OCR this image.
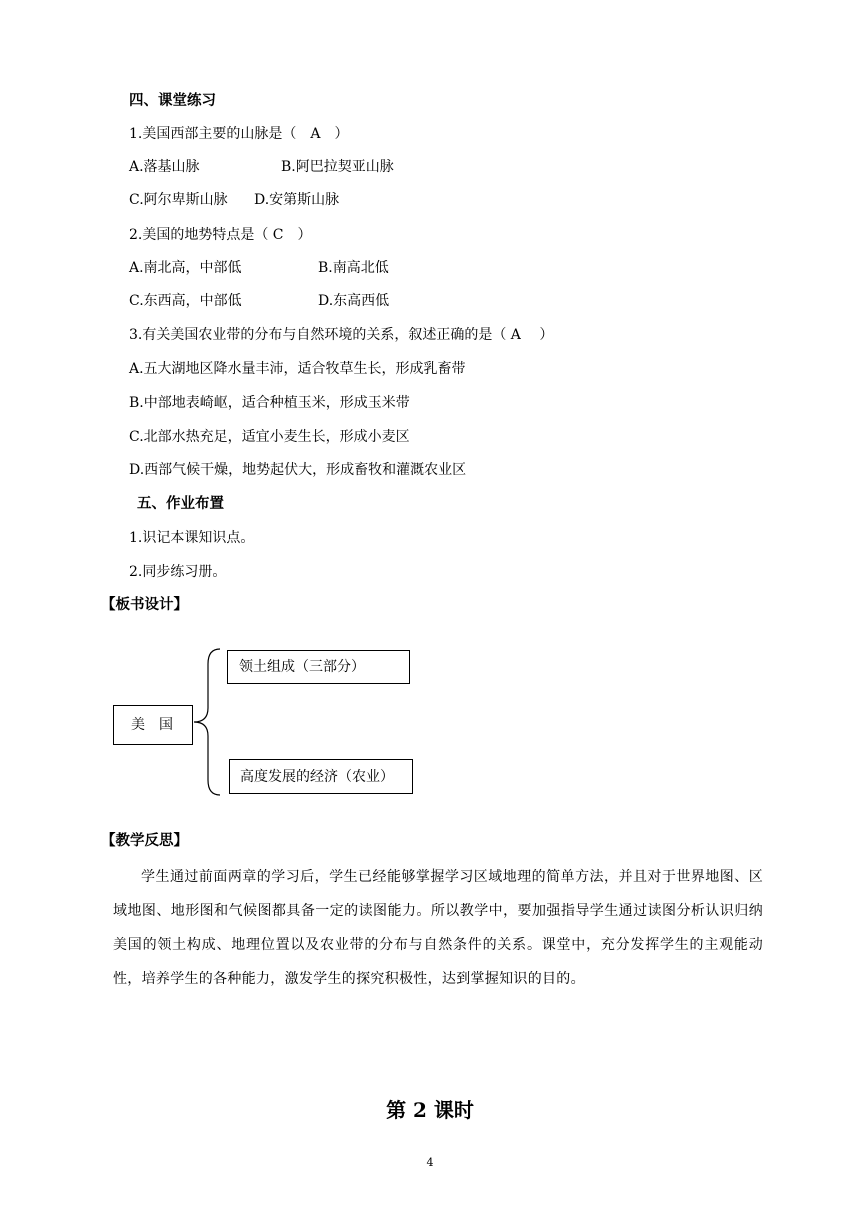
四、课堂练习
1.美国西部主要的山脉是（　A　）
A.落基山脉	B.阿巴拉契亚山脉
C.阿尔卑斯山脉 D.安第斯山脉
2.美国的地势特点是（ C　）
A.南北高，中部低	B.南高北低
C.东西高，中部低	D.东高西低
3.有关美国农业带的分布与自然环境的关系，叙述正确的是（ A　 ）
A.五大湖地区降水量丰沛，适合牧草生长，形成乳畜带
B.中部地表崎岖，适合种植玉米，形成玉米带
C.北部水热充足，适宜小麦生长，形成小麦区
D.西部气候干燥，地势起伏大，形成畜牧和灌溉农业区
五、作业布置
1.识记本课知识点。
2.同步练习册。
【板书设计】
美　国
领土组成（三部分）
高度发展的经济（农业）
【教学反思】
学生通过前面两章的学习后，学生已经能够掌握学习区域地理的简单方法，并且对于世界地图、区域地图、地形图和气候图都具备一定的读图能力。所以教学中，要加强指导学生通过读图分析认识归纳美国的领土构成、地理位置以及农业带的分布与自然条件的关系。课堂中，充分发挥学生的主观能动性，培养学生的各种能力，激发学生的探究积极性，达到掌握知识的目的。
第 2 课时
4
